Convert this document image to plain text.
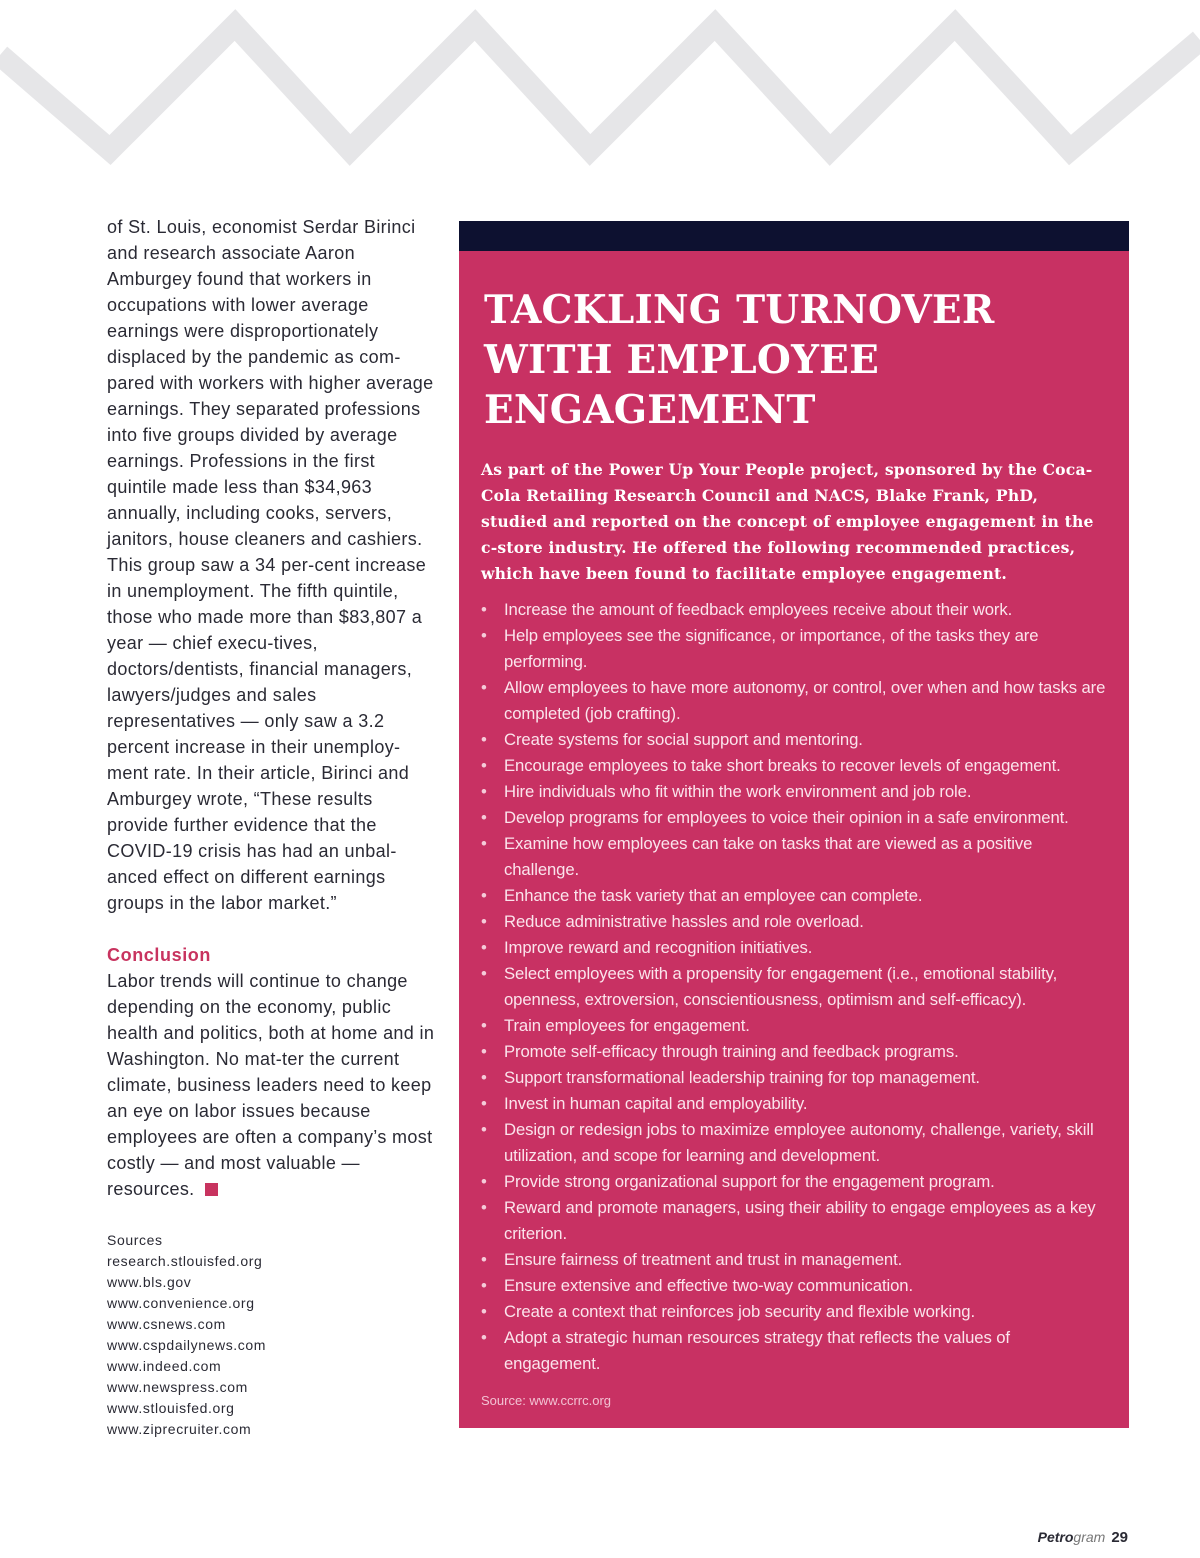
of St. Louis, economist Serdar Birinci and research associate Aaron Amburgey found that workers in occupations with lower average earnings were disproportionately displaced by the pandemic as com-pared with workers with higher average earnings. They separated professions into five groups divided by average earnings. Professions in the first quintile made less than $34,963 annually, including cooks, servers, janitors, house cleaners and cashiers. This group saw a 34 per-cent increase in unemployment. The fifth quintile, those who made more than $83,807 a year — chief execu-tives, doctors/dentists, financial managers, lawyers/judges and sales representatives — only saw a 3.2 percent increase in their unemploy-ment rate. In their article, Birinci and Amburgey wrote, “These results provide further evidence that the COVID-19 crisis has had an unbal-anced effect on different earnings groups in the labor market.”

Conclusion

Labor trends will continue to change depending on the economy, public health and politics, both at home and in Washington. No mat-ter the current climate, business leaders need to keep an eye on labor issues because employees are often a company’s most costly — and most valuable — resources.

Sources
research.stlouisfed.org
www.bls.gov
www.convenience.org
www.csnews.com
www.cspdailynews.com
www.indeed.com
www.newspress.com
www.stlouisfed.org
www.ziprecruiter.com
TACKLING TURNOVER WITH EMPLOYEE ENGAGEMENT

As part of the Power Up Your People project, sponsored by the Coca-Cola Retailing Research Council and NACS, Blake Frank, PhD, studied and reported on the concept of employee engagement in the c-store industry. He offered the following recommended practices, which have been found to facilitate employee engagement.

• Increase the amount of feedback employees receive about their work.
• Help employees see the significance, or importance, of the tasks they are performing.
• Allow employees to have more autonomy, or control, over when and how tasks are completed (job crafting).
• Create systems for social support and mentoring.
• Encourage employees to take short breaks to recover levels of engagement.
• Hire individuals who fit within the work environment and job role.
• Develop programs for employees to voice their opinion in a safe environment.
• Examine how employees can take on tasks that are viewed as a positive challenge.
• Enhance the task variety that an employee can complete.
• Reduce administrative hassles and role overload.
• Improve reward and recognition initiatives.
• Select employees with a propensity for engagement (i.e., emotional stability, openness, extroversion, conscientiousness, optimism and self-efficacy).
• Train employees for engagement.
• Promote self-efficacy through training and feedback programs.
• Support transformational leadership training for top management.
• Invest in human capital and employability.
• Design or redesign jobs to maximize employee autonomy, challenge, variety, skill utilization, and scope for learning and development.
• Provide strong organizational support for the engagement program.
• Reward and promote managers, using their ability to engage employees as a key criterion.
• Ensure fairness of treatment and trust in management.
• Ensure extensive and effective two-way communication.
• Create a context that reinforces job security and flexible working.
• Adopt a strategic human resources strategy that reflects the values of engagement.
Source: www.ccrrc.org
Petrogram 29
